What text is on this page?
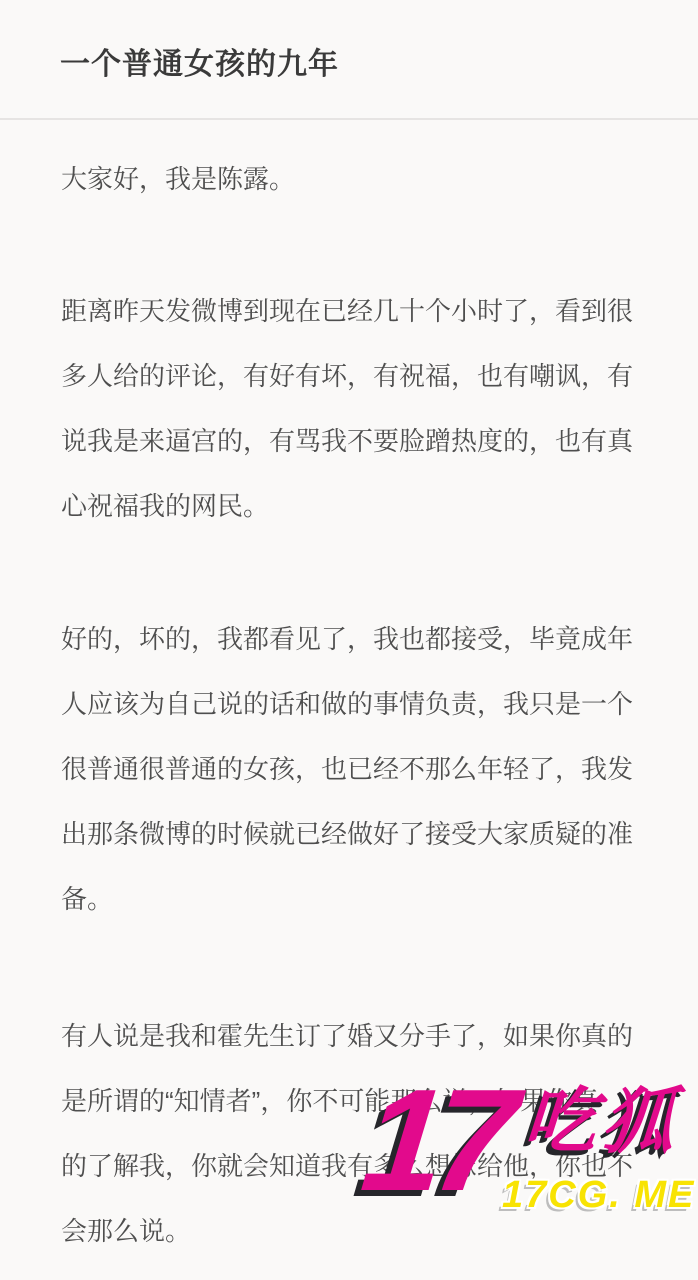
一个普通女孩的九年
大家好，我是陈露。
距离昨天发微博到现在已经几十个小时了，看到很
多人给的评论，有好有坏，有祝福，也有嘲讽，有
说我是来逼宫的，有骂我不要脸蹭热度的，也有真
心祝福我的网民。
好的，坏的，我都看见了，我也都接受，毕竟成年
人应该为自己说的话和做的事情负责，我只是一个
很普通很普通的女孩，也已经不那么年轻了，我发
出那条微博的时候就已经做好了接受大家质疑的准
备。
有人说是我和霍先生订了婚又分手了，如果你真的
是所谓的“知情者”，你不可能那么说，如果你真
的了解我，你就会知道我有多么想嫁给他，你也不
会那么说。
17 吃狐
17CG. ME
